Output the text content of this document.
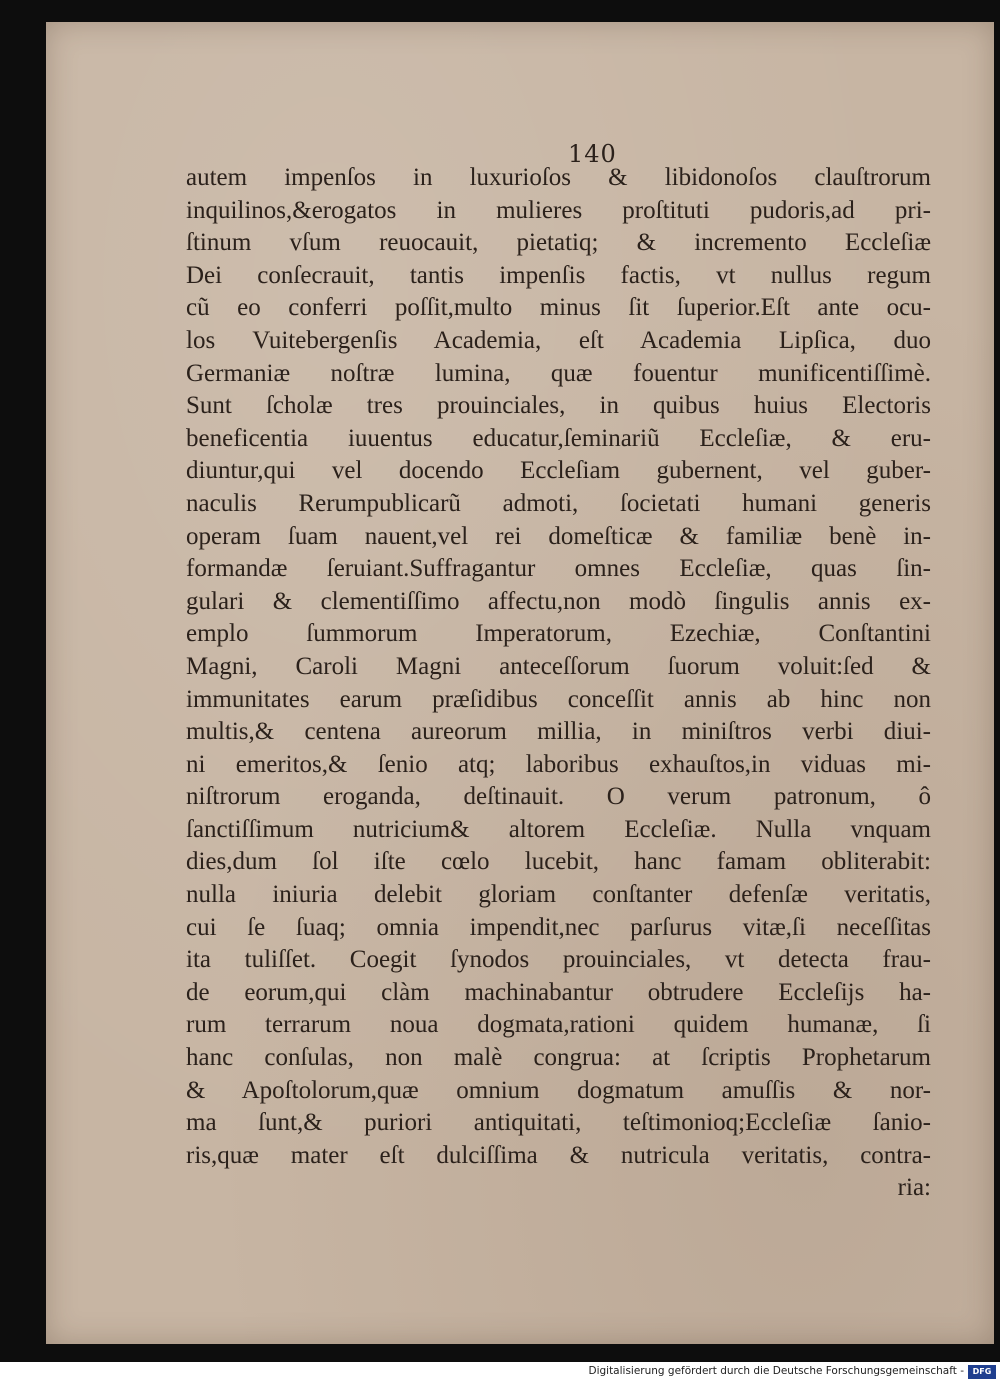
140
autem impenſos in luxurioſos & libidonoſos clauſtrorum
inquilinos,&erogatos in mulieres proſtituti pudoris,ad pri-
ſtinum vſum reuocauit, pietatiq; & incremento Eccleſiæ
Dei conſecrauit, tantis impenſis factis, vt nullus regum
cũ eo conferri poſſit,multo minus ſit ſuperior.Eſt ante ocu-
los Vuitebergenſis Academia, eſt Academia Lipſica, duo
Germaniæ noſtræ lumina, quæ fouentur munificentiſſimè.
Sunt ſcholæ tres prouinciales, in quibus huius Electoris
beneficentia iuuentus educatur,ſeminariũ Eccleſiæ, & eru-
diuntur,qui vel docendo Eccleſiam gubernent, vel guber-
naculis Rerumpublicarũ admoti, ſocietati humani generis
operam ſuam nauent,vel rei domeſticæ & familiæ benè in-
formandæ ſeruiant.Suffragantur omnes Eccleſiæ, quas ſin-
gulari & clementiſſimo affectu,non modò ſingulis annis ex-
emplo ſummorum Imperatorum, Ezechiæ, Conſtantini
Magni, Caroli Magni anteceſſorum ſuorum voluit:ſed &
immunitates earum præſidibus conceſſit annis ab hinc non
multis,& centena aureorum millia, in miniſtros verbi diui-
ni emeritos,& ſenio atq; laboribus exhauſtos,in viduas mi-
niſtrorum eroganda, deſtinauit. O verum patronum, ô
ſanctiſſimum nutricium& altorem Eccleſiæ. Nulla vnquam
dies,dum ſol iſte cœlo lucebit, hanc famam obliterabit:
nulla iniuria delebit gloriam conſtanter defenſæ veritatis,
cui ſe ſuaq; omnia impendit,nec parſurus vitæ,ſi neceſſitas
ita tuliſſet. Coegit ſynodos prouinciales, vt detecta frau-
de eorum,qui clàm machinabantur obtrudere Eccleſijs ha-
rum terrarum noua dogmata,rationi quidem humanæ, ſi
hanc conſulas, non malè congrua: at ſcriptis Prophetarum
& Apoſtolorum,quæ omnium dogmatum amuſſis & nor-
ma ſunt,& puriori antiquitati, teſtimonioq;Eccleſiæ ſanio-
ris,quæ mater eſt dulciſſima & nutricula veritatis, contra-
ria:
Digitalisierung gefördert durch die Deutsche Forschungsgemeinschaft -	DFG
